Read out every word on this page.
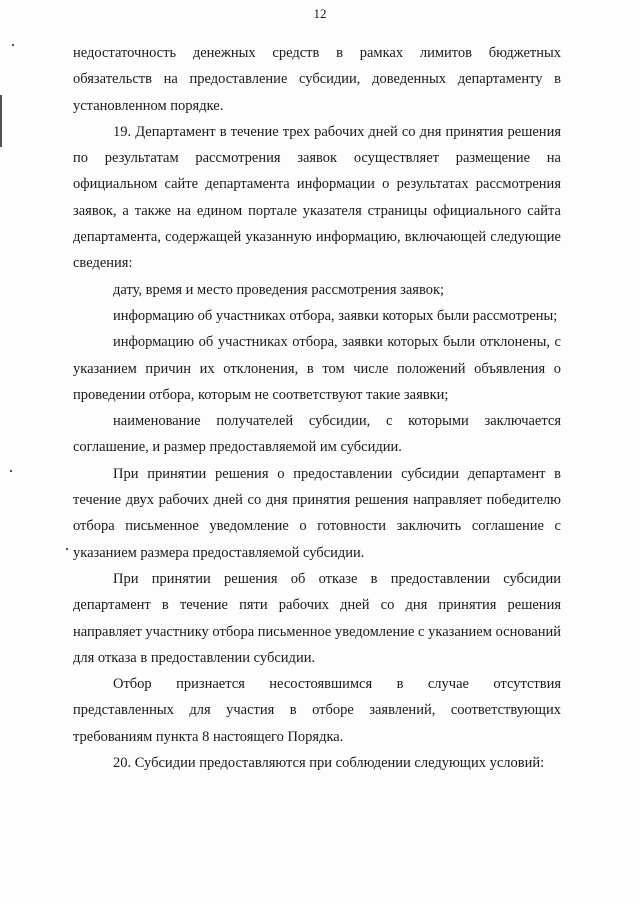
12

недостаточность денежных средств в рамках лимитов бюджетных обязательств на предоставление субсидии, доведенных департаменту в установленном порядке.

19. Департамент в течение трех рабочих дней со дня принятия решения по результатам рассмотрения заявок осуществляет размещение на официальном сайте департамента информации о результатах рассмотрения заявок, а также на едином портале указателя страницы официального сайта департамента, содержащей указанную информацию, включающей следующие сведения:

дату, время и место проведения рассмотрения заявок;

информацию об участниках отбора, заявки которых были рассмотрены;

информацию об участниках отбора, заявки которых были отклонены, с указанием причин их отклонения, в том числе положений объявления о проведении отбора, которым не соответствуют такие заявки;

наименование получателей субсидии, с которыми заключается соглашение, и размер предоставляемой им субсидии.

При принятии решения о предоставлении субсидии департамент в течение двух рабочих дней со дня принятия решения направляет победителю отбора письменное уведомление о готовности заключить соглашение с указанием размера предоставляемой субсидии.

При принятии решения об отказе в предоставлении субсидии департамент в течение пяти рабочих дней со дня принятия решения направляет участнику отбора письменное уведомление с указанием оснований для отказа в предоставлении субсидии.

Отбор признается несостоявшимся в случае отсутствия представленных для участия в отборе заявлений, соответствующих требованиям пункта 8 настоящего Порядка.

20. Субсидии предоставляются при соблюдении следующих условий:
